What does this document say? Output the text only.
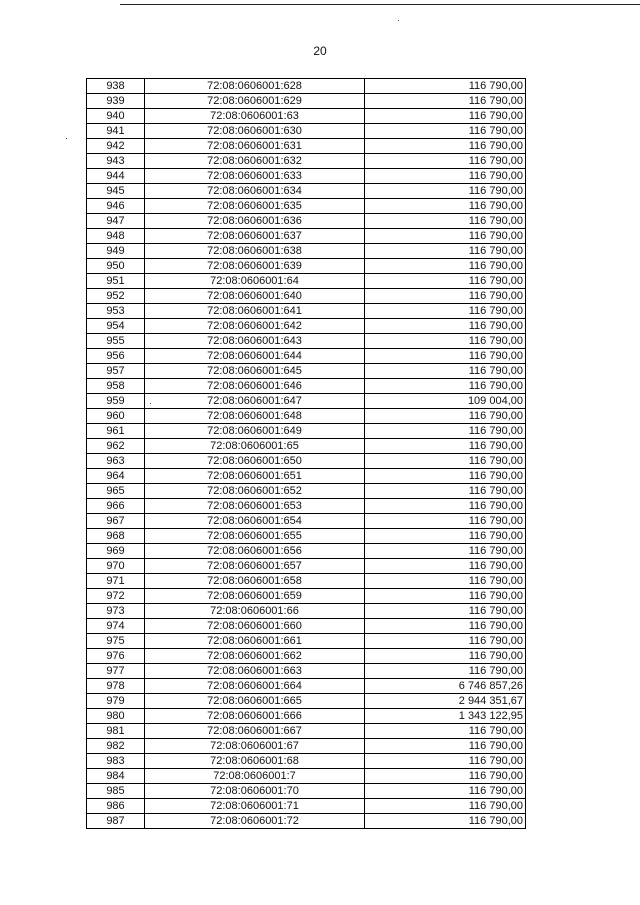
20
938	72:08:0606001:628	116 790,00
939	72:08:0606001:629	116 790,00
940	72:08:0606001:63	116 790,00
941	72:08:0606001:630	116 790,00
942	72:08:0606001:631	116 790,00
943	72:08:0606001:632	116 790,00
944	72:08:0606001:633	116 790,00
945	72:08:0606001:634	116 790,00
946	72:08:0606001:635	116 790,00
947	72:08:0606001:636	116 790,00
948	72:08:0606001:637	116 790,00
949	72:08:0606001:638	116 790,00
950	72:08:0606001:639	116 790,00
951	72:08:0606001:64	116 790,00
952	72:08:0606001:640	116 790,00
953	72:08:0606001:641	116 790,00
954	72:08:0606001:642	116 790,00
955	72:08:0606001:643	116 790,00
956	72:08:0606001:644	116 790,00
957	72:08:0606001:645	116 790,00
958	72:08:0606001:646	116 790,00
959	72:08:0606001:647	109 004,00
960	72:08:0606001:648	116 790,00
961	72:08:0606001:649	116 790,00
962	72:08:0606001:65	116 790,00
963	72:08:0606001:650	116 790,00
964	72:08:0606001:651	116 790,00
965	72:08:0606001:652	116 790,00
966	72:08:0606001:653	116 790,00
967	72:08:0606001:654	116 790,00
968	72:08:0606001:655	116 790,00
969	72:08:0606001:656	116 790,00
970	72:08:0606001:657	116 790,00
971	72:08:0606001:658	116 790,00
972	72:08:0606001:659	116 790,00
973	72:08:0606001:66	116 790,00
974	72:08:0606001:660	116 790,00
975	72:08:0606001:661	116 790,00
976	72:08:0606001:662	116 790,00
977	72:08:0606001:663	116 790,00
978	72:08:0606001:664	6 746 857,26
979	72:08:0606001:665	2 944 351,67
980	72:08:0606001:666	1 343 122,95
981	72:08:0606001:667	116 790,00
982	72:08:0606001:67	116 790,00
983	72:08:0606001:68	116 790,00
984	72:08:0606001:7	116 790,00
985	72:08:0606001:70	116 790,00
986	72:08:0606001:71	116 790,00
987	72:08:0606001:72	116 790,00
